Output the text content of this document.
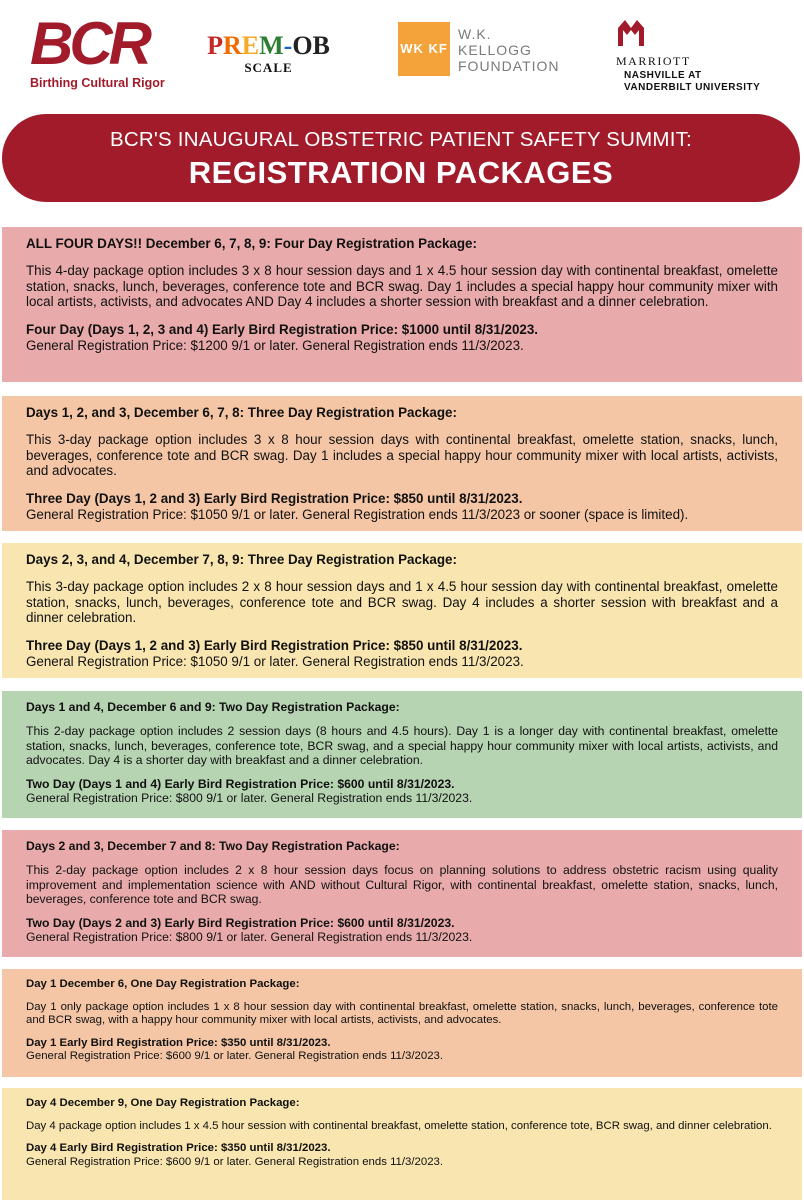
BCR
Birthing Cultural Rigor
PREM-OB
SCALE
WK KF
W.K.
KELLOGG
FOUNDATION	MARRIOTT
NASHVILLE AT
VANDERBILT UNIVERSITY
BCR'S INAUGURAL OBSTETRIC PATIENT SAFETY SUMMIT:
REGISTRATION PACKAGES

ALL FOUR DAYS!! December 6, 7, 8, 9: Four Day Registration Package:

This 4-day package option includes 3 x 8 hour session days and 1 x 4.5 hour session day with continental breakfast, omelette station, snacks, lunch, beverages, conference tote and BCR swag. Day 1 includes a special happy hour community mixer with local artists, activists, and advocates AND Day 4 includes a shorter session with breakfast and a dinner celebration.

Four Day (Days 1, 2, 3 and 4) Early Bird Registration Price: $1000 until 8/31/2023.

General Registration Price: $1200 9/1 or later. General Registration ends 11/3/2023.

Days 1, 2, and 3, December 6, 7, 8: Three Day Registration Package:

This 3-day package option includes 3 x 8 hour session days with continental breakfast, omelette station, snacks, lunch, beverages, conference tote and BCR swag. Day 1 includes a special happy hour community mixer with local artists, activists, and advocates.

Three Day (Days 1, 2 and 3) Early Bird Registration Price: $850 until 8/31/2023.

General Registration Price: $1050 9/1 or later. General Registration ends 11/3/2023 or sooner (space is limited).

Days 2, 3, and 4, December 7, 8, 9: Three Day Registration Package:

This 3-day package option includes 2 x 8 hour session days and 1 x 4.5 hour session day with continental breakfast, omelette station, snacks, lunch, beverages, conference tote and BCR swag. Day 4 includes a shorter session with breakfast and a dinner celebration.

Three Day (Days 1, 2 and 3) Early Bird Registration Price: $850 until 8/31/2023.

General Registration Price: $1050 9/1 or later. General Registration ends 11/3/2023.

Days 1 and 4, December 6 and 9: Two Day Registration Package:

This 2-day package option includes 2 session days (8 hours and 4.5 hours). Day 1 is a longer day with continental breakfast, omelette station, snacks, lunch, beverages, conference tote, BCR swag, and a special happy hour community mixer with local artists, activists, and advocates. Day 4 is a shorter day with breakfast and a dinner celebration.

Two Day (Days 1 and 4) Early Bird Registration Price: $600 until 8/31/2023.

General Registration Price: $800 9/1 or later. General Registration ends 11/3/2023.

Days 2 and 3, December 7 and 8: Two Day Registration Package:

This 2-day package option includes 2 x 8 hour session days focus on planning solutions to address obstetric racism using quality improvement and implementation science with AND without Cultural Rigor, with continental breakfast, omelette station, snacks, lunch, beverages, conference tote and BCR swag.

Two Day (Days 2 and 3) Early Bird Registration Price: $600 until 8/31/2023.

General Registration Price: $800 9/1 or later. General Registration ends 11/3/2023.

Day 1 December 6, One Day Registration Package:

Day 1 only package option includes 1 x 8 hour session day with continental breakfast, omelette station, snacks, lunch, beverages, conference tote and BCR swag, with a happy hour community mixer with local artists, activists, and advocates.

Day 1 Early Bird Registration Price: $350 until 8/31/2023.

General Registration Price: $600 9/1 or later. General Registration ends 11/3/2023.

Day 4 December 9, One Day Registration Package:

Day 4 package option includes 1 x 4.5 hour session with continental breakfast, omelette station, conference tote, BCR swag, and dinner celebration.

Day 4 Early Bird Registration Price: $350 until 8/31/2023.

General Registration Price: $600 9/1 or later. General Registration ends 11/3/2023.
